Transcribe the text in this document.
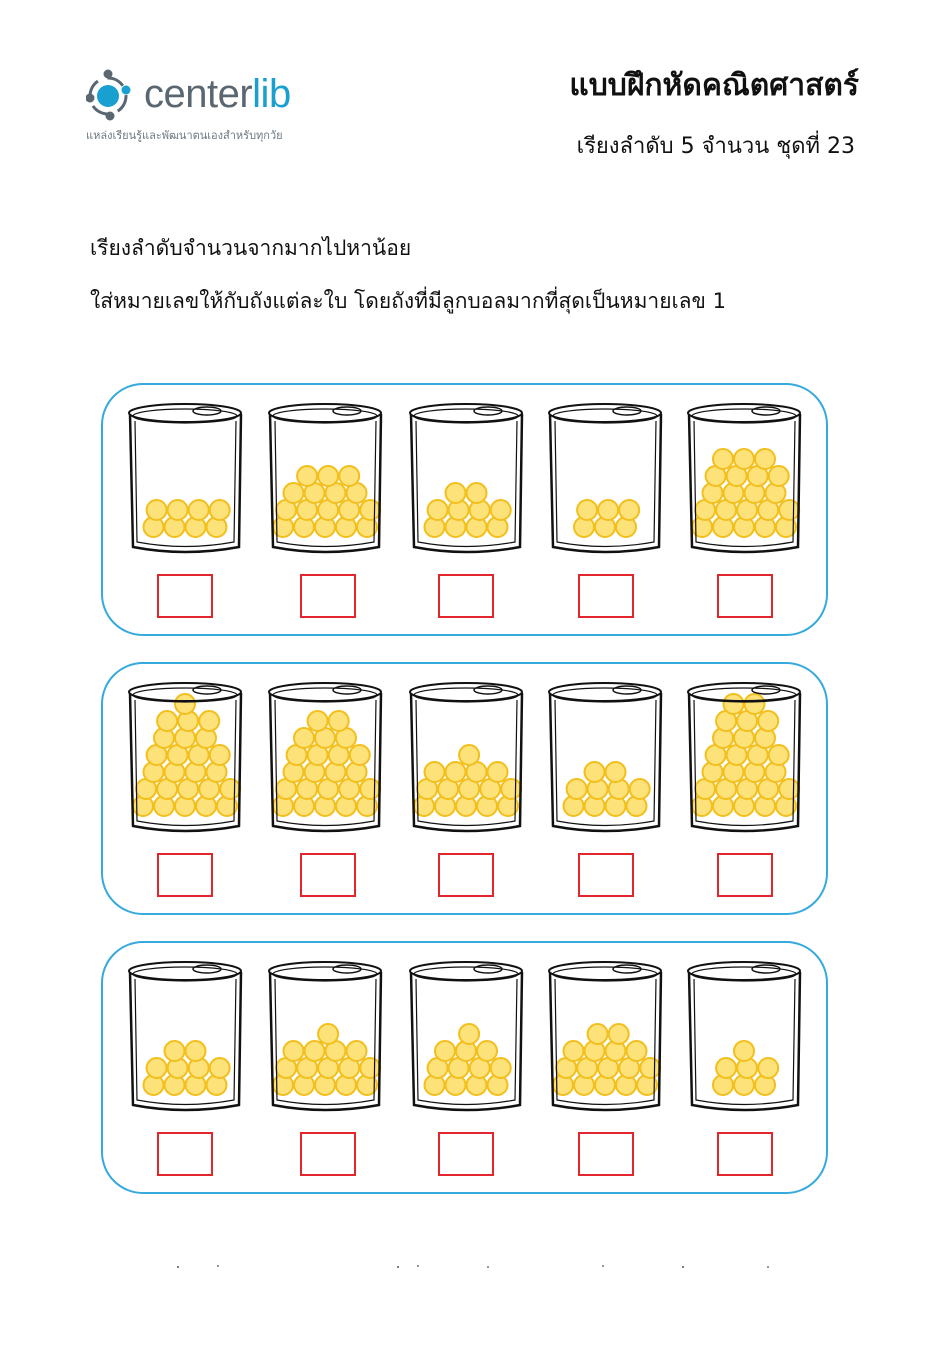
centerlib
แหล่งเรียนรู้และพัฒนาตนเองสำหรับทุกวัย
แบบฝึกหัดคณิตศาสตร์
เรียงลำดับ 5 จำนวน ชุดที่ 23
เรียงลำดับจำนวนจากมากไปหาน้อย
ใส่หมายเลขให้กับถังแต่ละใบ โดยถังที่มีลูกบอลมากที่สุดเป็นหมายเลข 1
